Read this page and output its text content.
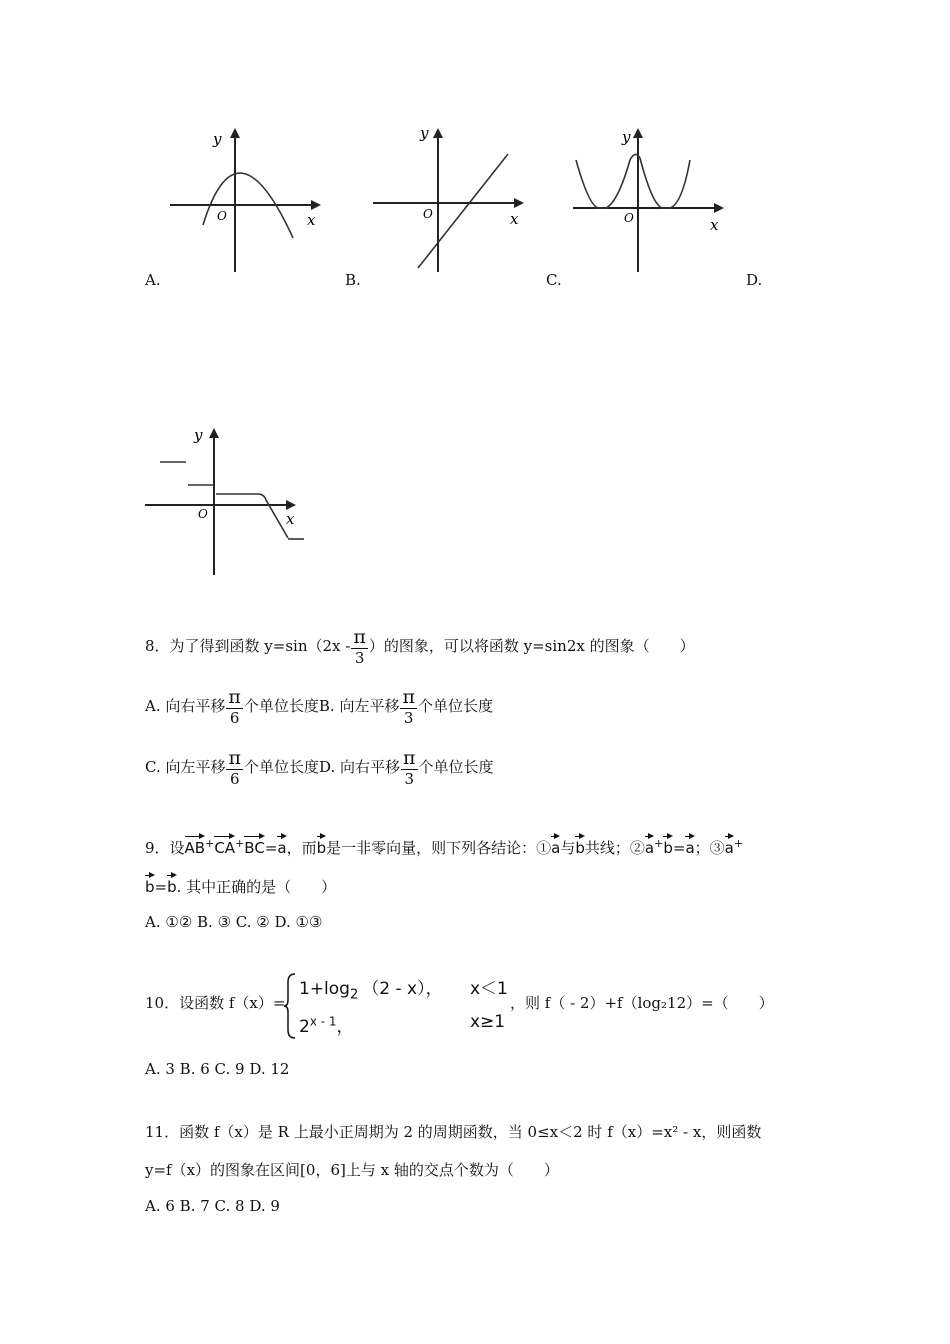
y
x
O
A.
y
x
O
B.
y
x
O
C.	D.
y
x
O
8．为了得到函数 $y=\sin(2x - \frac{\pi}{3}$ ）的图象，可以将函数 y=sin2x 的图象（　　）
A. 向右平移 $\frac{\pi}{6}$ 个单位长度B. 向左平移 $\frac{\pi}{3}$ 个单位长度
C. 向左平移 $\frac{\pi}{6}$ 个单位长度D. 向右平移 $\frac{\pi}{3}$ 个单位长度
9．设AB+CA+BC=a，而b是一非零向量，则下列各结论：①a与b共线；②a+b=a；③a+
b=b. 其中正确的是（　　）
A. ①② B. ③ C. ② D. ①③
10．设函数 f（x）=
$1+\log_2$ （2 - x）， x＜1
2$^{x - 1}$，	x≥1
，则 f（ - 2）+f（log₂12）=（　　）
A. 3 B. 6 C. 9 D. 12
11．函数 f（x）是 R 上最小正周期为 2 的周期函数，当 0≤x＜2 时 f（x）=x² - x，则函数
y=f（x）的图象在区间[0，6]上与 x 轴的交点个数为（　　）
A. 6 B. 7 C. 8 D. 9
